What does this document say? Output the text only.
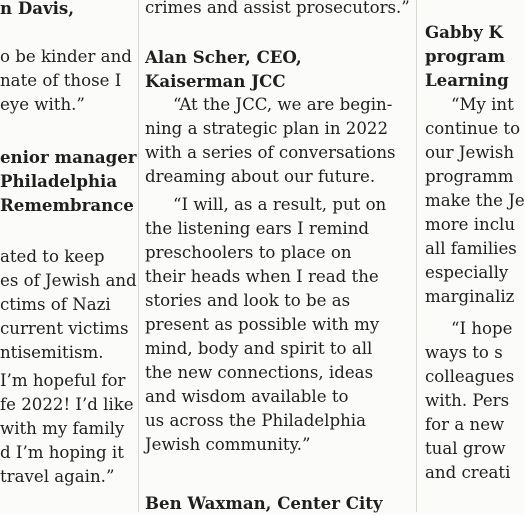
n Davis,
o be kinder and
nate of those I
eye with.”
enior manager
Philadelphia
Remembrance
ated to keep
es of Jewish and
ctims of Nazi
current victims
ntisemitism.
I’m hopeful for
fe 2022! I’d like
with my family
d I’m hoping it
travel again.”
crimes and assist prosecutors.”
Alan Scher, CEO,
Kaiserman JCC
“At the JCC, we are begin-
ning a strategic plan in 2022
with a series of conversations
dreaming about our future.
“I will, as a result, put on
the listening ears I remind
preschoolers to place on
their heads when I read the
stories and look to be as
present as possible with my
mind, body and spirit to all
the new connections, ideas
and wisdom available to
us across the Philadelphia
Jewish community.”
Ben Waxman, Center City
Gabby K
program
Learning
“My int
continue to
our Jewish
programm
make the Je
more inclu
all families
especially
marginaliz
“I hope
ways to s
colleagues
with. Pers
for a new
tual grow
and creati
